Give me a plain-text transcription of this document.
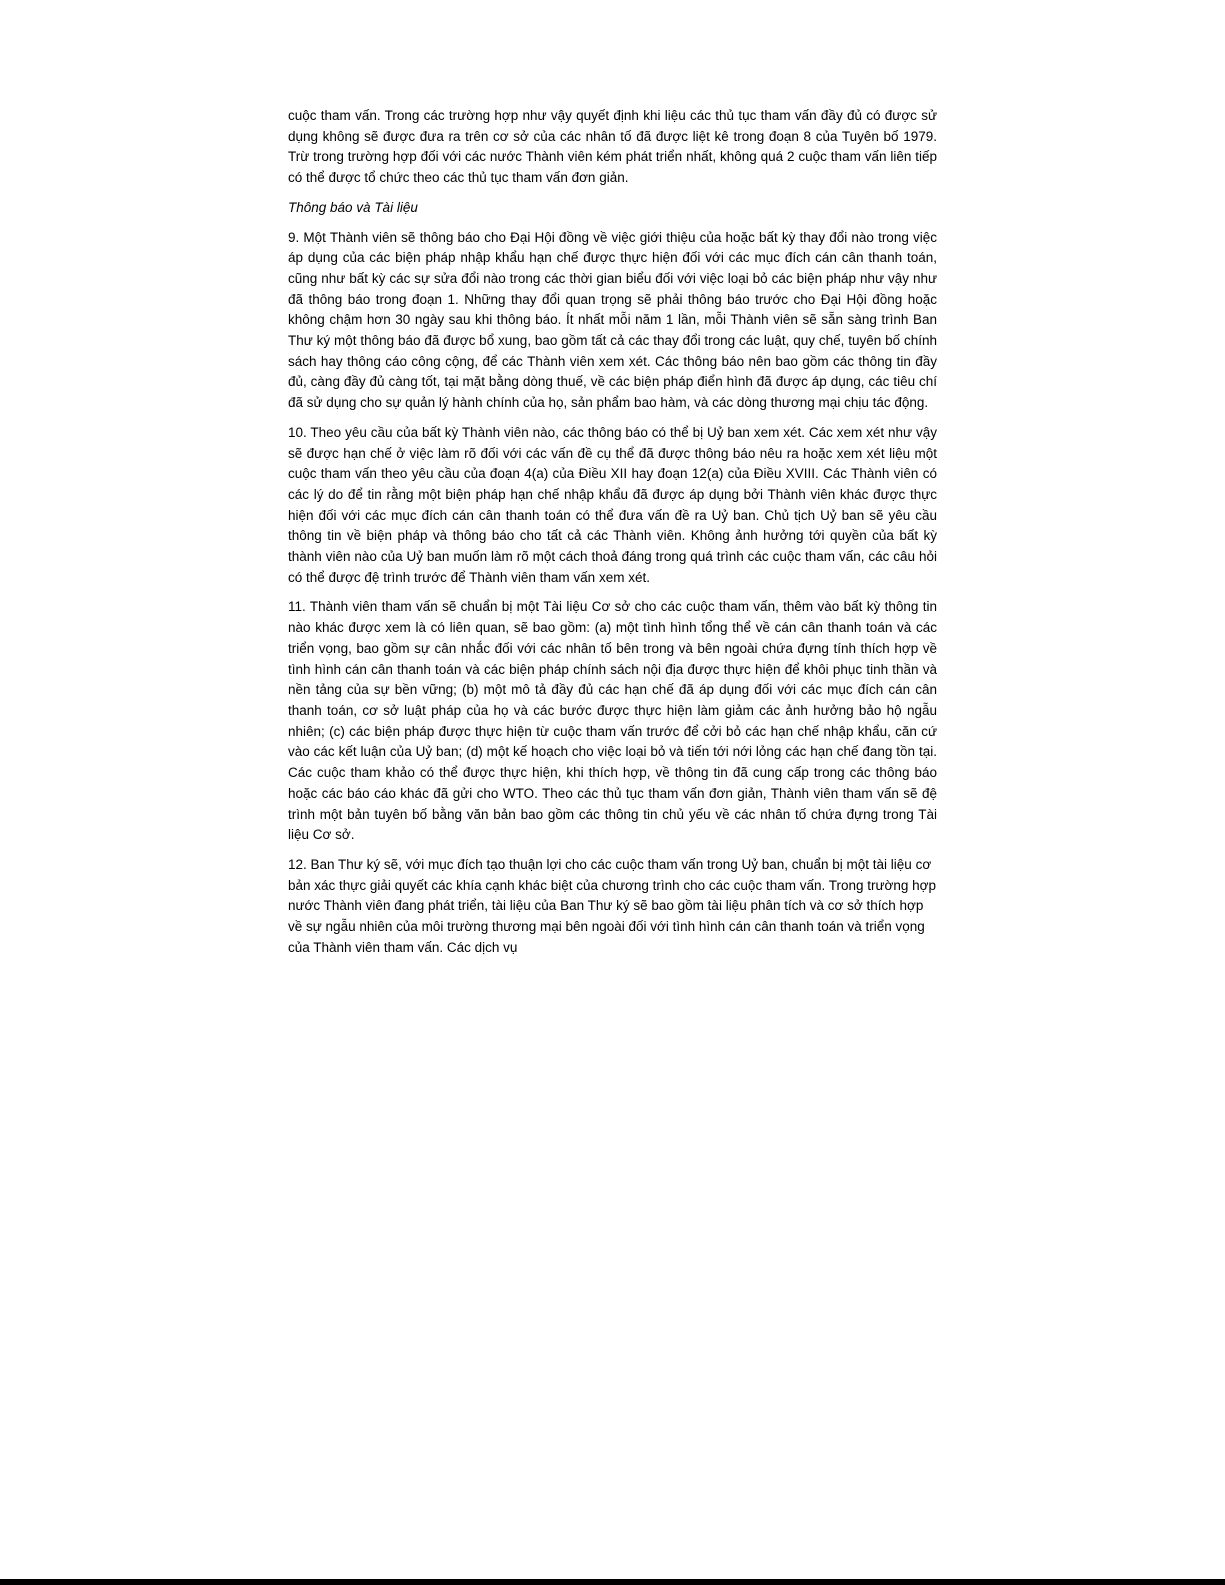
cuộc tham vấn. Trong các trường hợp như vậy quyết định khi liệu các thủ tục tham vấn đầy đủ có được sử dụng không sẽ được đưa ra trên cơ sở của các nhân tố đã được liệt kê trong đoạn 8 của Tuyên bố 1979. Trừ trong trường hợp đối với các nước Thành viên kém phát triển nhất, không quá 2 cuộc tham vấn liên tiếp có thể được tổ chức theo các thủ tục tham vấn đơn giản.

Thông báo và Tài liệu

9. Một Thành viên sẽ thông báo cho Đại Hội đồng về việc giới thiệu của hoặc bất kỳ thay đổi nào trong việc áp dụng của các biện pháp nhập khẩu hạn chế được thực hiện đối với các mục đích cán cân thanh toán, cũng như bất kỳ các sự sửa đổi nào trong các thời gian biểu đối với việc loại bỏ các biện pháp như vậy như đã thông báo trong đoạn 1. Những thay đổi quan trọng sẽ phải thông báo trước cho Đại Hội đồng hoặc không chậm hơn 30 ngày sau khi thông báo. Ít nhất mỗi năm 1 lần, mỗi Thành viên sẽ sẵn sàng trình Ban Thư ký một thông báo đã được bổ xung, bao gồm tất cả các thay đổi trong các luật, quy chế, tuyên bố chính sách hay thông cáo công cộng, để các Thành viên xem xét. Các thông báo nên bao gồm các thông tin đầy đủ, càng đầy đủ càng tốt, tại mặt bằng dòng thuế, về các biện pháp điển hình đã được áp dụng, các tiêu chí đã sử dụng cho sự quản lý hành chính của họ, sản phẩm bao hàm, và các dòng thương mại chịu tác động.

10. Theo yêu cầu của bất kỳ Thành viên nào, các thông báo có thể bị Uỷ ban xem xét. Các xem xét như vậy sẽ được hạn chế ở việc làm rõ đối với các vấn đề cụ thể đã được thông báo nêu ra hoặc xem xét liệu một cuộc tham vấn theo yêu cầu của đoạn 4(a) của Điều XII hay đoạn 12(a) của Điều XVIII. Các Thành viên có các lý do để tin rằng một biện pháp hạn chế nhập khẩu đã được áp dụng bởi Thành viên khác được thực hiện đối với các mục đích cán cân thanh toán có thể đưa vấn đề ra Uỷ ban. Chủ tịch Uỷ ban sẽ yêu cầu thông tin về biện pháp và thông báo cho tất cả các Thành viên. Không ảnh hưởng tới quyền của bất kỳ thành viên nào của Uỷ ban muốn làm rõ một cách thoả đáng trong quá trình các cuộc tham vấn, các câu hỏi có thể được đệ trình trước để Thành viên tham vấn xem xét.

11. Thành viên tham vấn sẽ chuẩn bị một Tài liệu Cơ sở cho các cuộc tham vấn, thêm vào bất kỳ thông tin nào khác được xem là có liên quan, sẽ bao gồm: (a) một tình hình tổng thể về cán cân thanh toán và các triển vọng, bao gồm sự cân nhắc đối với các nhân tố bên trong và bên ngoài chứa đựng tính thích hợp về tình hình cán cân thanh toán và các biện pháp chính sách nội địa được thực hiện để khôi phục tinh thần và nền tảng của sự bền vững; (b) một mô tả đầy đủ các hạn chế đã áp dụng đối với các mục đích cán cân thanh toán, cơ sở luật pháp của họ và các bước được thực hiện làm giảm các ảnh hưởng bảo hộ ngẫu nhiên; (c) các biện pháp được thực hiện từ cuộc tham vấn trước để cởi bỏ các hạn chế nhập khẩu, căn cứ vào các kết luận của Uỷ ban; (d) một kế hoạch cho việc loại bỏ và tiến tới nới lỏng các hạn chế đang tồn tại. Các cuộc tham khảo có thể được thực hiện, khi thích hợp, về thông tin đã cung cấp trong các thông báo hoặc các báo cáo khác đã gửi cho WTO. Theo các thủ tục tham vấn đơn giản, Thành viên tham vấn sẽ đệ trình một bản tuyên bố bằng văn bản bao gồm các thông tin chủ yếu về các nhân tố chứa đựng trong Tài liệu Cơ sở.

12. Ban Thư ký sẽ, với mục đích tạo thuận lợi cho các cuộc tham vấn trong Uỷ ban, chuẩn bị một tài liệu cơ bản xác thực giải quyết các khía cạnh khác biệt của chương trình cho các cuộc tham vấn. Trong trường hợp nước Thành viên đang phát triển, tài liệu của Ban Thư ký sẽ bao gồm tài liệu phân tích và cơ sở thích hợp về sự ngẫu nhiên của môi trường thương mại bên ngoài đối với tình hình cán cân thanh toán và triển vọng của Thành viên tham vấn. Các dịch vụ
